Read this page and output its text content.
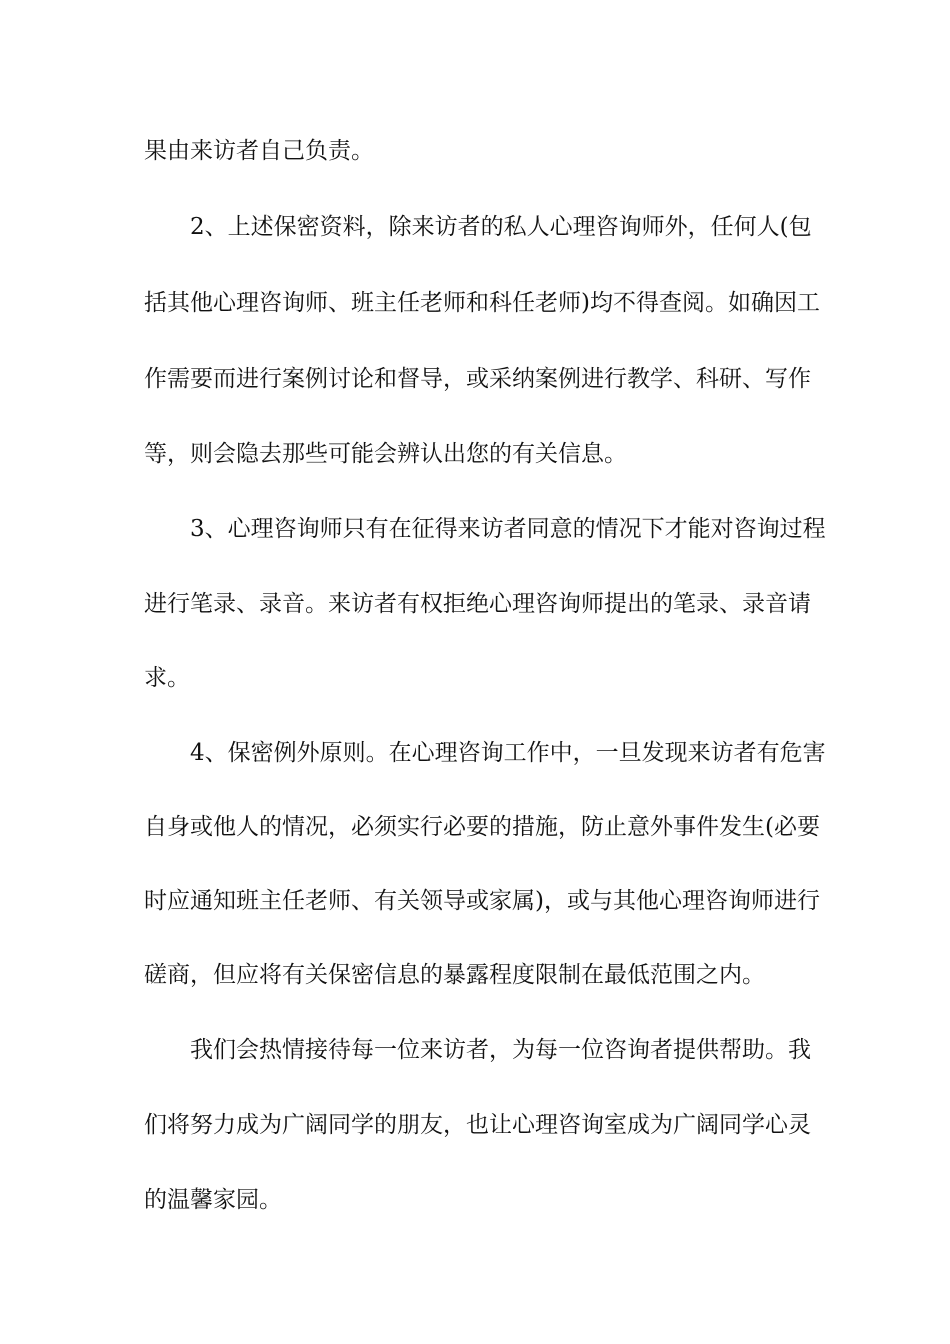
果由来访者自己负责。

2、上述保密资料，除来访者的私人心理咨询师外，任何人(包

括其他心理咨询师、班主任老师和科任老师)均不得查阅。如确因工

作需要而进行案例讨论和督导，或采纳案例进行教学、科研、写作

等，则会隐去那些可能会辨认出您的有关信息。

3、心理咨询师只有在征得来访者同意的情况下才能对咨询过程

进行笔录、录音。来访者有权拒绝心理咨询师提出的笔录、录音请

求。

4、保密例外原则。在心理咨询工作中，一旦发现来访者有危害

自身或他人的情况，必须实行必要的措施，防止意外事件发生(必要

时应通知班主任老师、有关领导或家属)，或与其他心理咨询师进行

磋商，但应将有关保密信息的暴露程度限制在最低范围之内。

我们会热情接待每一位来访者，为每一位咨询者提供帮助。我

们将努力成为广阔同学的朋友，也让心理咨询室成为广阔同学心灵

的温馨家园。
